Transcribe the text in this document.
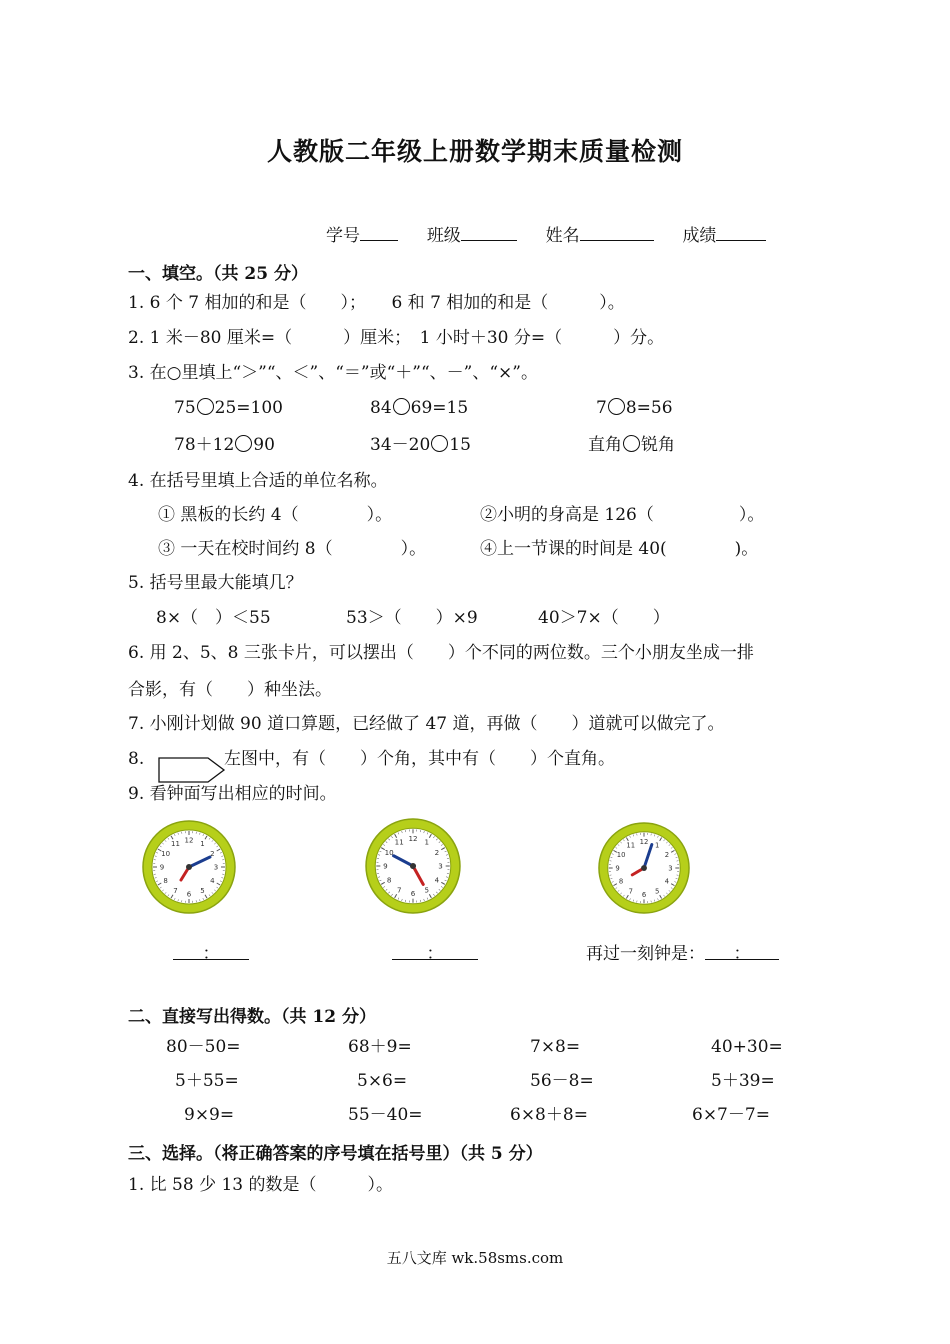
人教版二年级上册数学期末质量检测
学号	班级	姓名	成绩
一、填空。（共 25 分）
1. 6 个 7 相加的和是（　　）；　　6 和 7 相加的和是（　　　）。
2. 1 米－80 厘米=（　　　）厘米；　1 小时＋30 分=（　　　）分。
3. 在○里填上“＞”“、＜”、“＝”或“＋”“、－”、“×”。
75 25=100	84 69=15	7 8=56
78＋12 90	34－20 15	直角 锐角
4. 在括号里填上合适的单位名称。
① 黑板的长约 4（　　　　）。	②小明的身高是 126（　　　　　）。
③ 一天在校时间约 8（　　　　）。	④上一节课的时间是 40(　　　　)。
5. 括号里最大能填几？
8×（　）＜55	53＞（　　）×9	40＞7×（　　）
6. 用 2、5、8 三张卡片，可以摆出（　　）个不同的两位数。三个小朋友坐成一排
合影，有（　　）种坐法。
7. 小刚计划做 90 道口算题，已经做了 47 道，再做（　　）道就可以做完了。
8.	左图中，有（　　）个角，其中有（　　）个直角。
9. 看钟面写出相应的时间。
1
2
3
4
5
6
7
8
9
10
11 12	1
2
3
4
5
6
7
8
9
10
11 12
1
2
3
4
5
6
7
8
9
10
11 12
：	：	再过一刻钟是： ：
二、直接写出得数。（共 12 分）
80－50=	68＋9=	7×8=	40+30=
5＋55=	5×6=	56－8=	5＋39=
9×9=	55－40=	6×8＋8=	6×7－7=
三、选择。（将正确答案的序号填在括号里）（共 5 分）
1. 比 58 少 13 的数是（　　　）。
五八文库 wk.58sms.com
